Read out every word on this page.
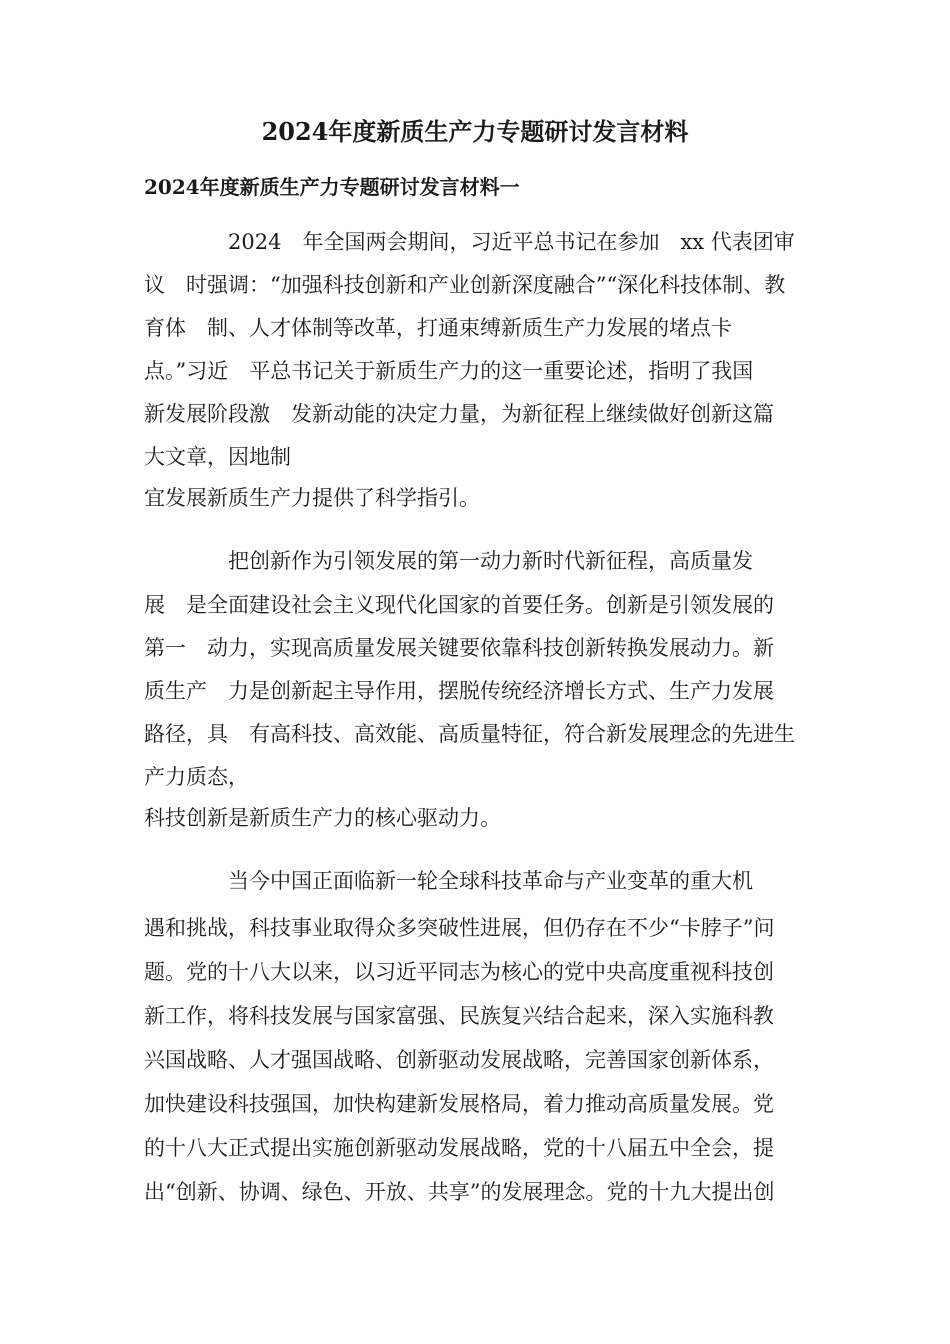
2024年度新质生产力专题研讨发言材料
2024年度新质生产力专题研讨发言材料一
2024　年全国两会期间，习近平总书记在参加　xx 代表团审
议　时强调：“加强科技创新和产业创新深度融合”“深化科技体制、教
育体　制、人才体制等改革，打通束缚新质生产力发展的堵点卡
点。”习近　平总书记关于新质生产力的这一重要论述，指明了我国
新发展阶段激　发新动能的决定力量，为新征程上继续做好创新这篇
大文章，因地制
宜发展新质生产力提供了科学指引。
把创新作为引领发展的第一动力新时代新征程，高质量发
展　是全面建设社会主义现代化国家的首要任务。创新是引领发展的
第一　动力，实现高质量发展关键要依靠科技创新转换发展动力。新
质生产　力是创新起主导作用，摆脱传统经济增长方式、生产力发展
路径，具　有高科技、高效能、高质量特征，符合新发展理念的先进生
产力质态，
科技创新是新质生产力的核心驱动力。
当今中国正面临新一轮全球科技革命与产业变革的重大机
遇和挑战，科技事业取得众多突破性进展，但仍存在不少“卡脖子”问
题。党的十八大以来，以习近平同志为核心的党中央高度重视科技创
新工作，将科技发展与国家富强、民族复兴结合起来，深入实施科教
兴国战略、人才强国战略、创新驱动发展战略，完善国家创新体系，
加快建设科技强国，加快构建新发展格局，着力推动高质量发展。党
的十八大正式提出实施创新驱动发展战略，党的十八届五中全会，提
出“创新、协调、绿色、开放、共享”的发展理念。党的十九大提出创
